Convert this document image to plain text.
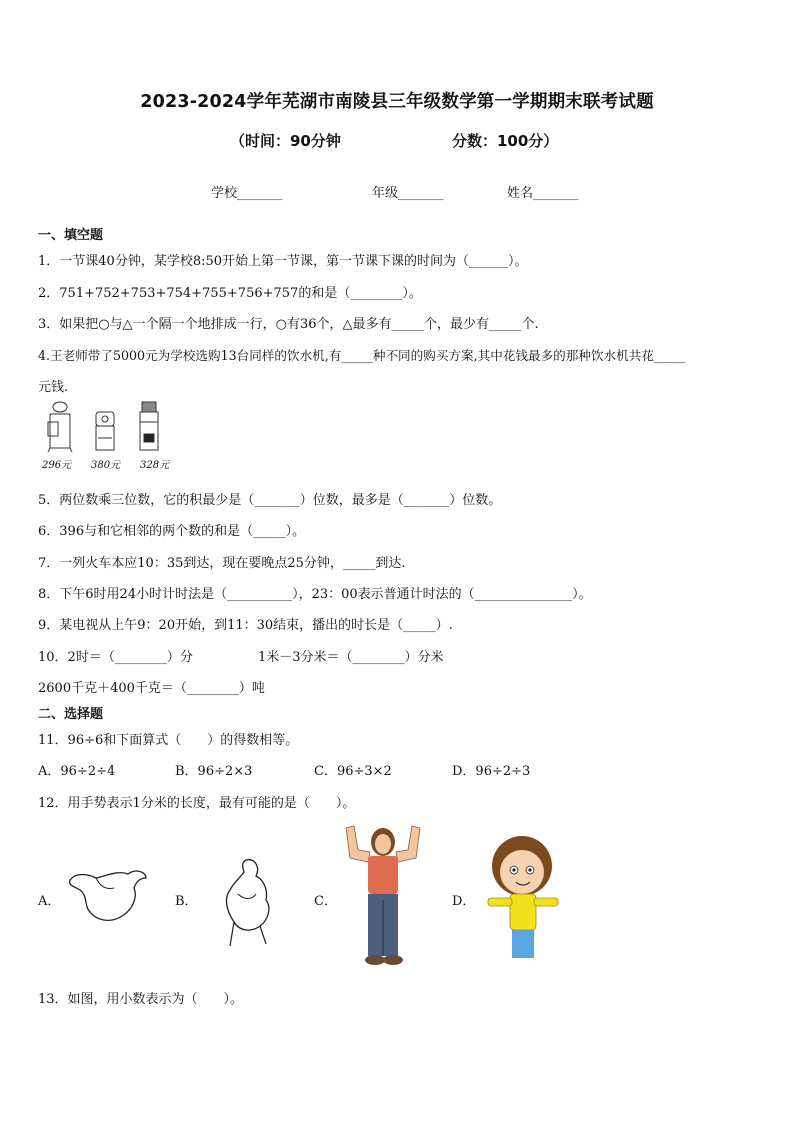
2023-2024学年芜湖市南陵县三年级数学第一学期期末联考试题
（时间：90分钟	分数：100分）
学校_______	年级_______	姓名_______
一、填空题
1．一节课40分钟，某学校8:50开始上第一节课，第一节课下课的时间为（______）。
2．751+752+753+754+755+756+757的和是（________）。
3．如果把○与△一个隔一个地排成一行，○有36个，△最多有_____个，最少有_____个.
4.王老师带了5000元为学校选购13台同样的饮水机,有_____种不同的购买方案,其中花钱最多的那种饮水机共花_____
元钱.
296元 380元 328元
5．两位数乘三位数，它的积最少是（_______）位数，最多是（_______）位数。
6．396与和它相邻的两个数的和是（_____）。
7．一列火车本应10：35到达，现在要晚点25分钟，_____到达.
8．下午6时用24小时计时法是（__________），23：00表示普通计时法的（_______________）。
9．某电视从上午9：20开始，到11：30结束，播出的时长是（_____）.
10．2时＝（________）分	1米－3分米＝（________）分米
2600千克＋400千克＝（________）吨
二、选择题
11．96÷6和下面算式（　　）的得数相等。
A．96÷2÷4	B．96÷2×3	C．96÷3×2	D．96÷2÷3
12．用手势表示1分米的长度，最有可能的是（　　）。
A．	B．	C．	D．
13．如图，用小数表示为（　　）。
